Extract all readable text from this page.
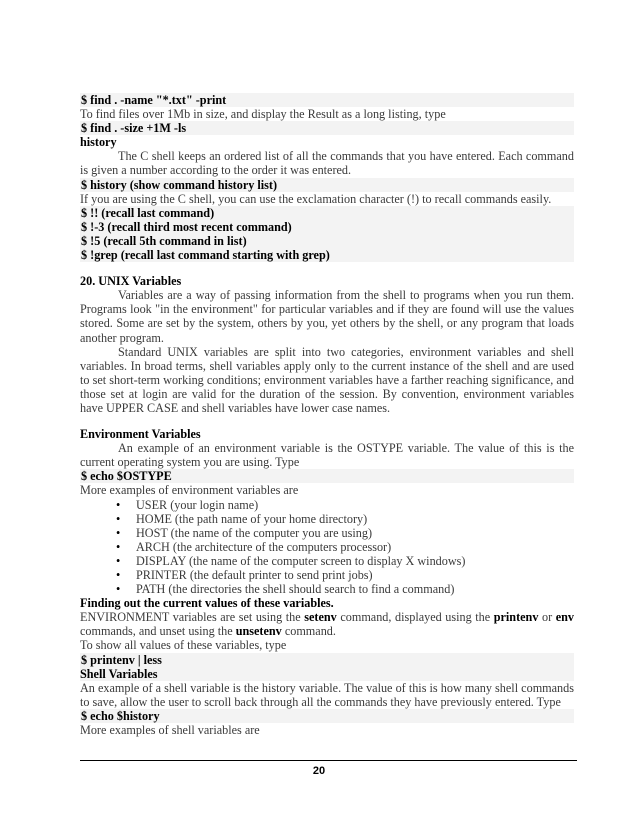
$ find . -name "*.txt" -print
To find files over 1Mb in size, and display the Result as a long listing, type
$ find . -size +1M -ls
history
The C shell keeps an ordered list of all the commands that you have entered. Each command is given a number according to the order it was entered.
$ history (show command history list)
If you are using the C shell, you can use the exclamation character (!) to recall commands easily.
$ !! (recall last command)
$ !-3 (recall third most recent command)
$ !5 (recall 5th command in list)
$ !grep (recall last command starting with grep)
20. UNIX Variables
Variables are a way of passing information from the shell to programs when you run them. Programs look "in the environment" for particular variables and if they are found will use the values stored. Some are set by the system, others by you, yet others by the shell, or any program that loads another program.
Standard UNIX variables are split into two categories, environment variables and shell variables. In broad terms, shell variables apply only to the current instance of the shell and are used to set short-term working conditions; environment variables have a farther reaching significance, and those set at login are valid for the duration of the session. By convention, environment variables have UPPER CASE and shell variables have lower case names.
Environment Variables
An example of an environment variable is the OSTYPE variable. The value of this is the current operating system you are using. Type
$ echo $OSTYPE
More examples of environment variables are
• USER (your login name)
• HOME (the path name of your home directory)
• HOST (the name of the computer you are using)
• ARCH (the architecture of the computers processor)
• DISPLAY (the name of the computer screen to display X windows)
• PRINTER (the default printer to send print jobs)
• PATH (the directories the shell should search to find a command)
Finding out the current values of these variables.
ENVIRONMENT variables are set using the setenv command, displayed using the printenv or env commands, and unset using the unsetenv command.
To show all values of these variables, type
$ printenv | less
Shell Variables
An example of a shell variable is the history variable. The value of this is how many shell commands to save, allow the user to scroll back through all the commands they have previously entered. Type
$ echo $history
More examples of shell variables are
20
